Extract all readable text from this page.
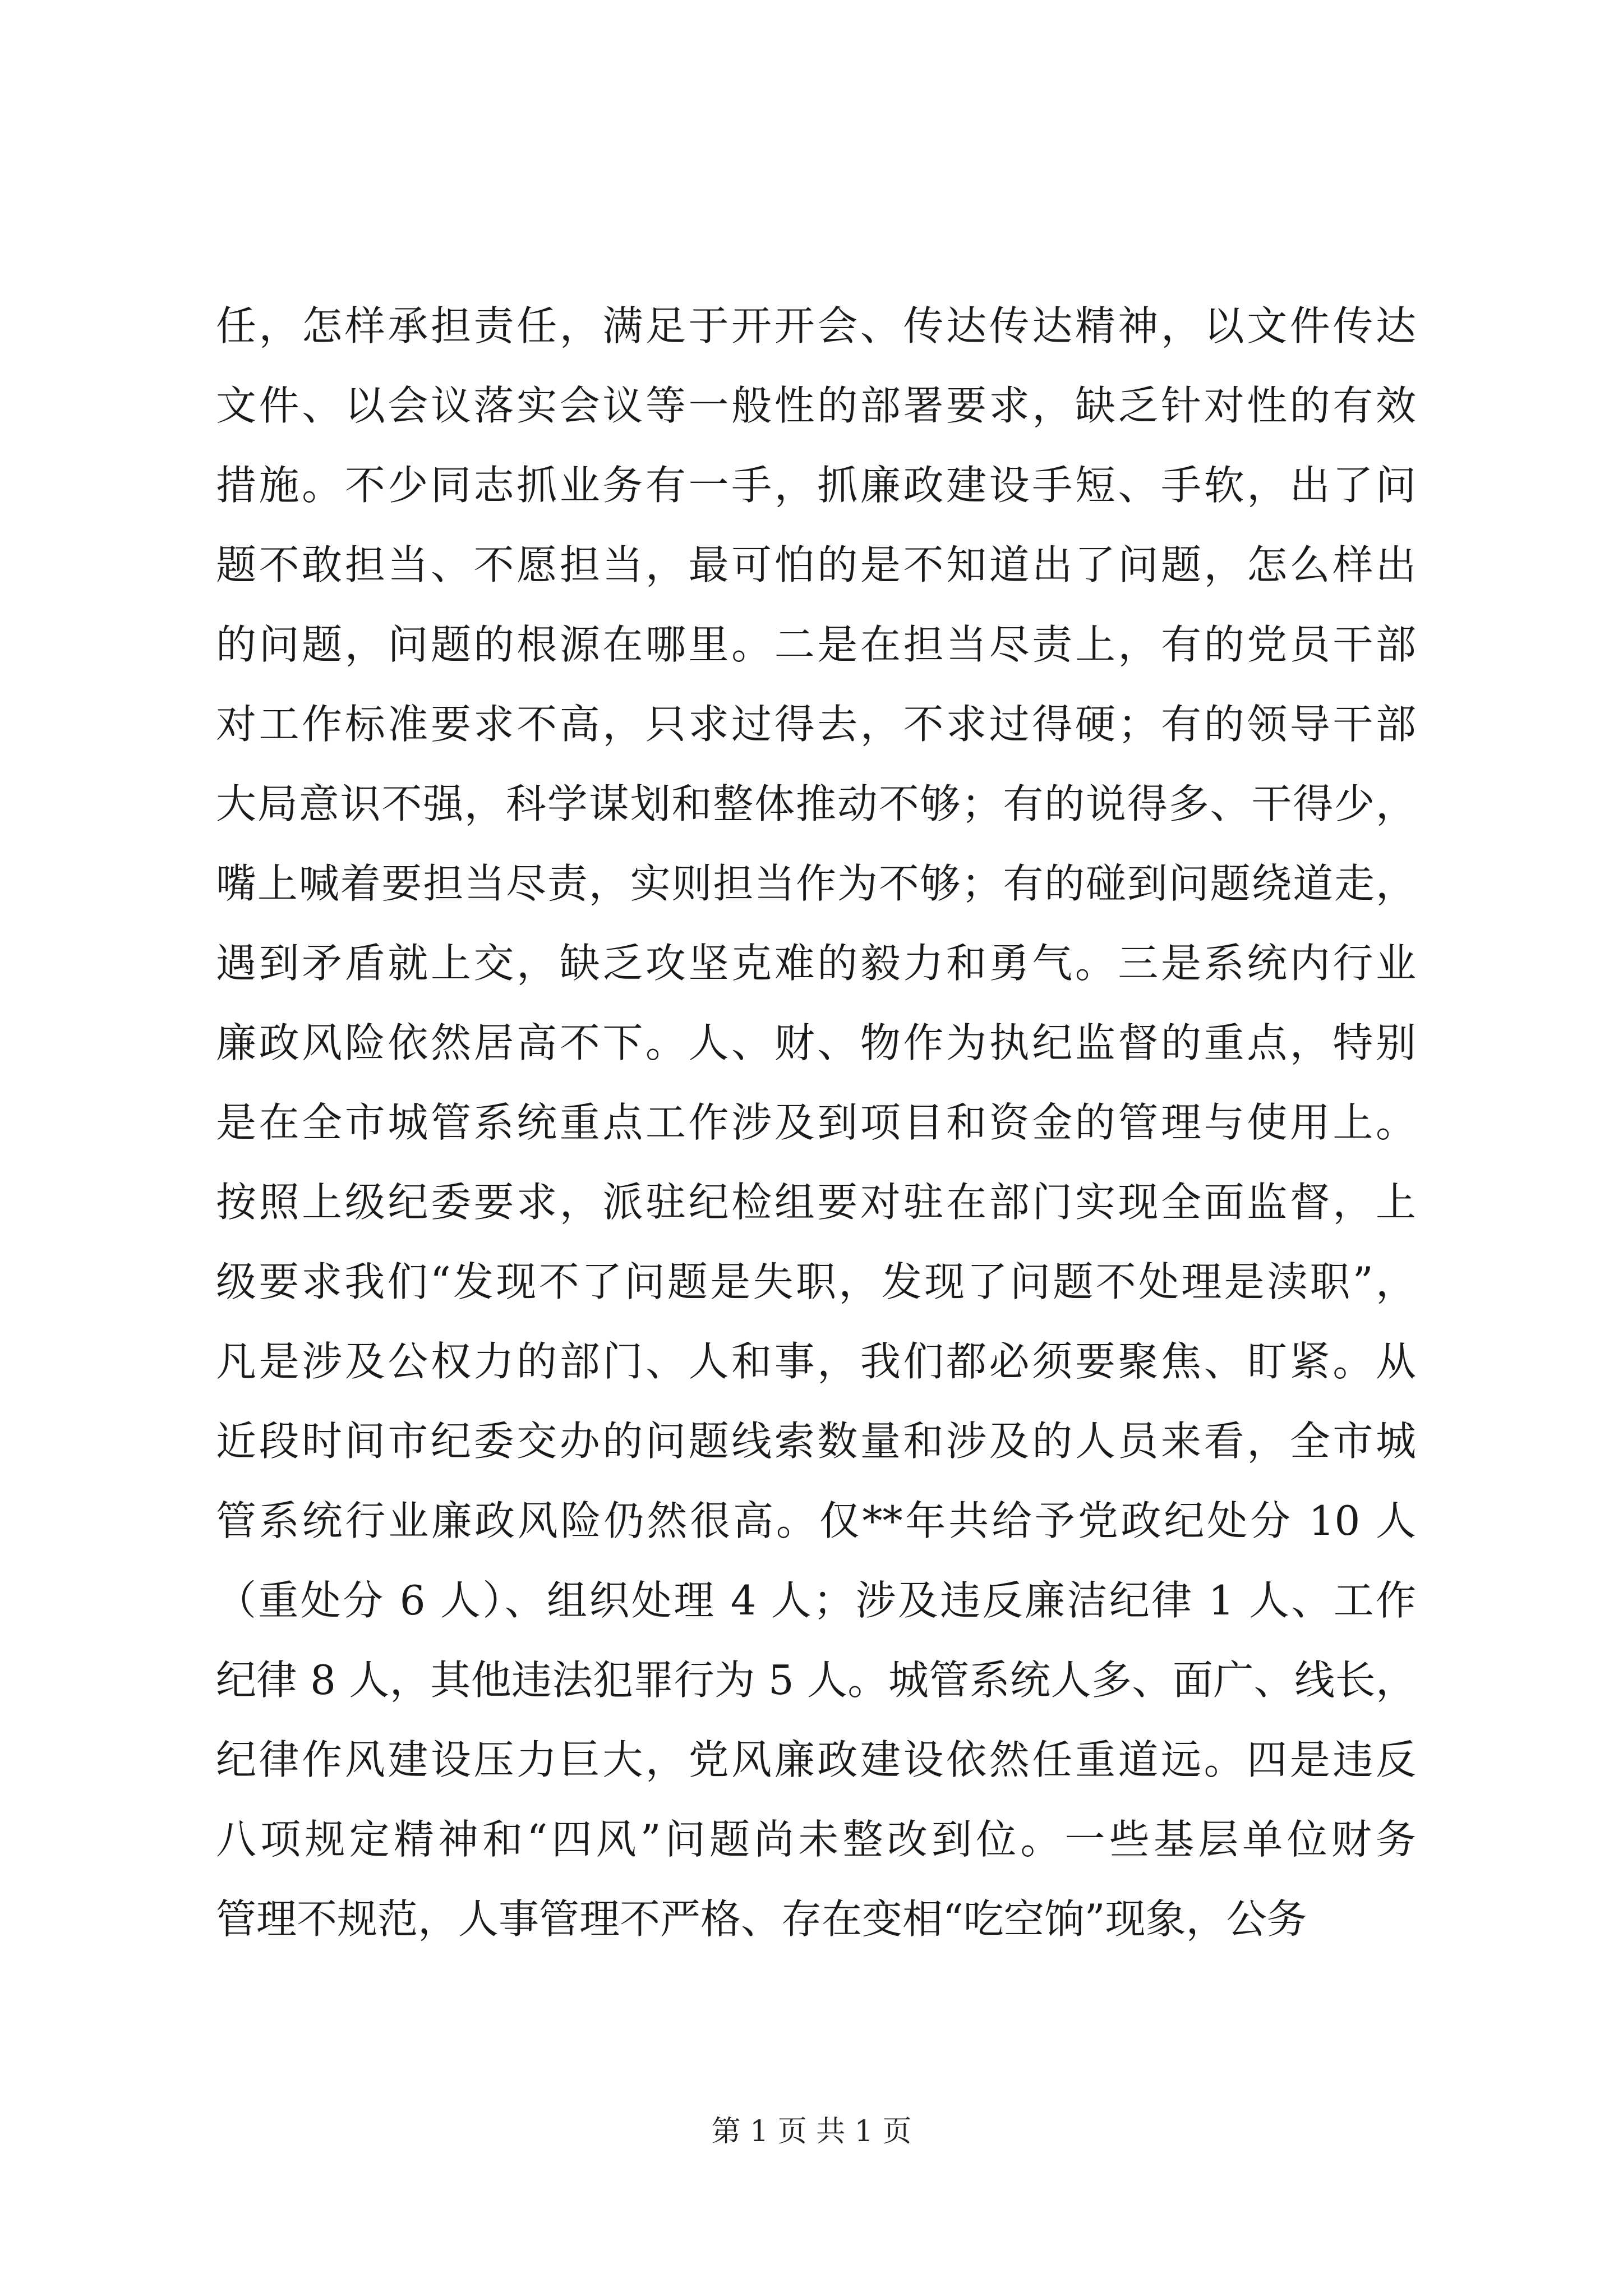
任，怎样承担责任，满足于开开会、传达传达精神，以文件传达
文件、以会议落实会议等一般性的部署要求，缺乏针对性的有效
措施。不少同志抓业务有一手，抓廉政建设手短、手软，出了问
题不敢担当、不愿担当，最可怕的是不知道出了问题，怎么样出
的问题，问题的根源在哪里。二是在担当尽责上，有的党员干部
对工作标准要求不高，只求过得去，不求过得硬；有的领导干部
大局意识不强，科学谋划和整体推动不够；有的说得多、干得少，
嘴上喊着要担当尽责，实则担当作为不够；有的碰到问题绕道走，
遇到矛盾就上交，缺乏攻坚克难的毅力和勇气。三是系统内行业
廉政风险依然居高不下。人、财、物作为执纪监督的重点，特别
是在全市城管系统重点工作涉及到项目和资金的管理与使用上。
按照上级纪委要求，派驻纪检组要对驻在部门实现全面监督，上
级要求我们“发现不了问题是失职，发现了问题不处理是渎职”，
凡是涉及公权力的部门、人和事，我们都必须要聚焦、盯紧。从
近段时间市纪委交办的问题线索数量和涉及的人员来看，全市城
管系统行业廉政风险仍然很高。仅**年共给予党政纪处分 10 人
（重处分 6 人）、组织处理 4 人；涉及违反廉洁纪律 1 人、工作
纪律 8 人，其他违法犯罪行为 5 人。城管系统人多、面广、线长，
纪律作风建设压力巨大，党风廉政建设依然任重道远。四是违反
八项规定精神和“四风”问题尚未整改到位。一些基层单位财务
管理不规范，人事管理不严格、存在变相“吃空饷”现象，公务
第 1 页 共 1 页
